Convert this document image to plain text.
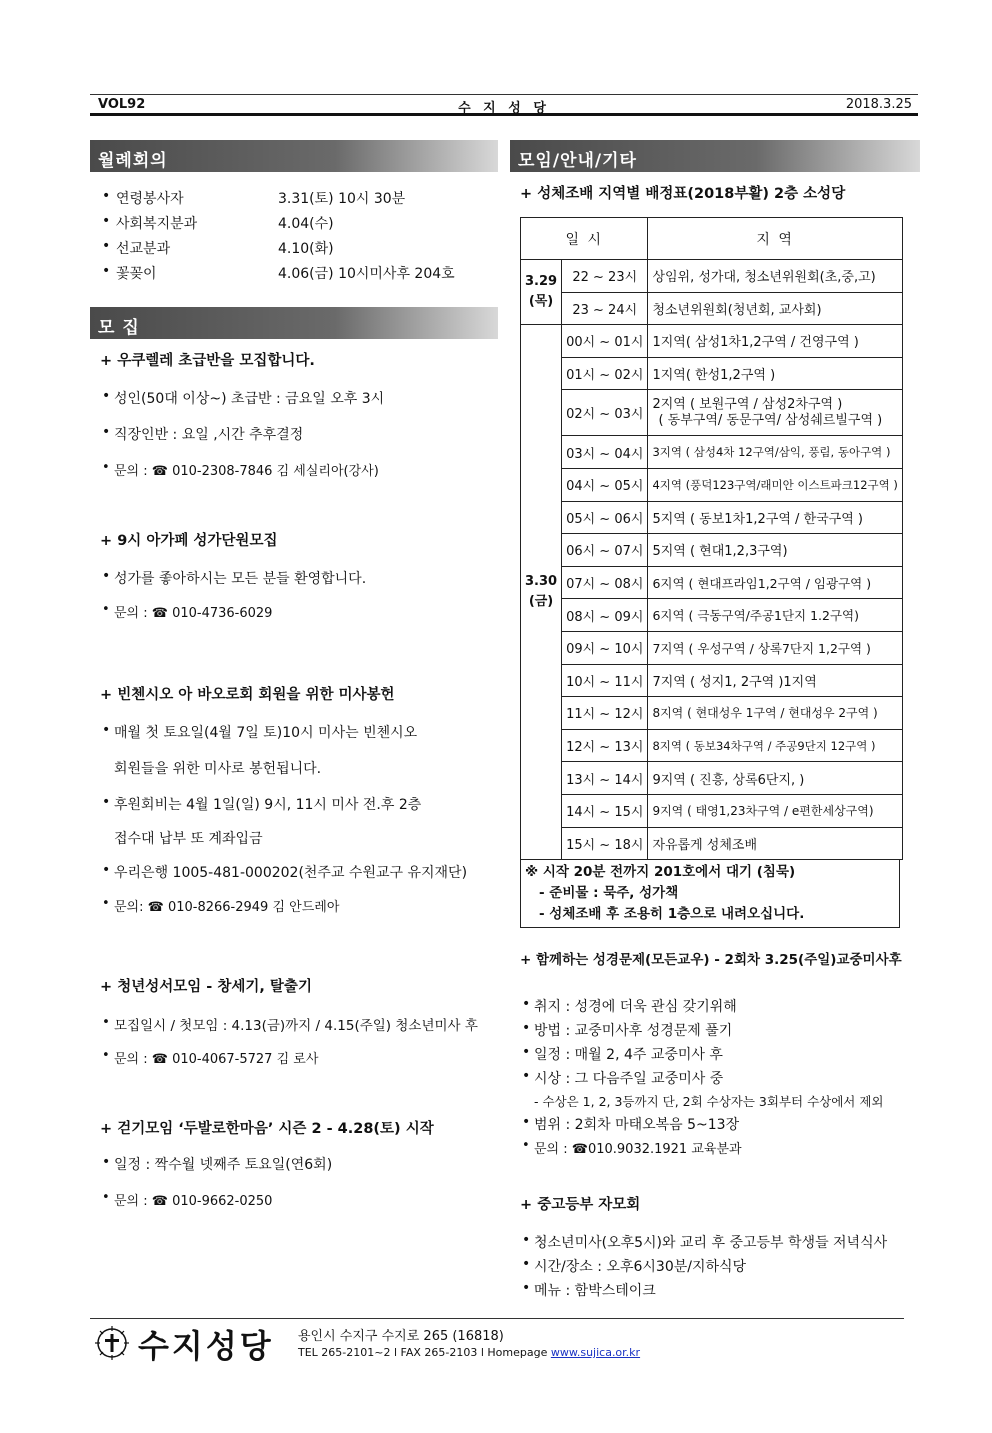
VOL92	수 지 성 당	2018.3.25
월례회의
• 연령봉사자	3.31(토) 10시 30분
• 사회복지분과	4.04(수)
• 선교분과	4.10(화)
• 꽃꽂이	4.06(금) 10시미사후 204호
모 집
+ 우쿠렐레 초급반을 모집합니다.
• 성인(50대 이상~) 초급반 : 금요일 오후 3시
• 직장인반 : 요일 ,시간 추후결정
• 문의 : ☎ 010-2308-7846 김 세실리아(강사)
+ 9시 아가페 성가단원모집
• 성가를 좋아하시는 모든 분들 환영합니다.
• 문의 : ☎ 010-4736-6029
+ 빈첸시오 아 바오로회 회원을 위한 미사봉헌
• 매월 첫 토요일(4월 7일 토)10시 미사는 빈첸시오
회원들을 위한 미사로 봉헌됩니다.
• 후원회비는 4월 1일(일) 9시, 11시 미사 전.후 2층
접수대 납부 또 계좌입금
• 우리은행 1005-481-000202(천주교 수원교구 유지재단)
• 문의: ☎ 010-8266-2949 김 안드레아
+ 청년성서모임 - 창세기, 탈출기
• 모집일시 / 첫모임 : 4.13(금)까지 / 4.15(주일) 청소년미사 후
• 문의 : ☎ 010-4067-5727 김 로사
+ 걷기모임 ‘두발로한마음’ 시즌 2 - 4.28(토) 시작
• 일정 : 짝수월 넷째주 토요일(연6회)
• 문의 : ☎ 010-9662-0250
모임/안내/기타
+ 성체조배 지역별 배정표(2018부활) 2층 소성당
일 시		지 역
3.29
(목)	22 ~ 23시	상임위, 성가대, 청소년위원회(초,중,고)
	23 ~ 24시	청소년위원회(청년회, 교사회)
3.30
(금)	00시 ~ 01시	1지역( 삼성1차1,2구역 / 건영구역 )
	01시 ~ 02시	1지역( 한성1,2구역 )
	02시 ~ 03시	2지역 ( 보원구역 / 삼성2차구역 )
( 동부구역/ 동문구역/ 삼성쉐르빌구역 )

	03시 ~ 04시	3지역 ( 삼성4차 12구역/삼익, 풍림, 동아구역 )
	04시 ~ 05시	4지역 (풍덕123구역/래미안 이스트파크12구역 )
	05시 ~ 06시	5지역 ( 동보1차1,2구역 / 한국구역 )
	06시 ~ 07시	5지역 ( 현대1,2,3구역)
	07시 ~ 08시	6지역 ( 현대프라임1,2구역 / 임광구역 )
	08시 ~ 09시	6지역 ( 극동구역/주공1단지 1.2구역)
	09시 ~ 10시	7지역 ( 우성구역 / 상록7단지 1,2구역 )
	10시 ~ 11시	7지역 ( 성지1, 2구역 )1지역
	11시 ~ 12시	8지역 ( 현대성우 1구역 / 현대성우 2구역 )
	12시 ~ 13시	8지역 ( 동보34차구역 / 주공9단지 12구역 )
	13시 ~ 14시	9지역 ( 진흥, 상록6단지, )
	14시 ~ 15시	9지역 ( 태영1,23차구역 / e편한세상구역)
	15시 ~ 18시	자유롭게 성체조배
※ 시작 20분 전까지 201호에서 대기 (침묵)
- 준비물 : 묵주, 성가책
- 성체조배 후 조용히 1층으로 내려오십니다.
+ 함께하는 성경문제(모든교우) - 2회차 3.25(주일)교중미사후
• 취지 : 성경에 더욱 관심 갖기위해
• 방법 : 교중미사후 성경문제 풀기
• 일정 : 매월 2, 4주 교중미사 후
• 시상 : 그 다음주일 교중미사 중
- 수상은 1, 2, 3등까지 단, 2회 수상자는 3회부터 수상에서 제외
• 범위 : 2회차 마태오복음 5~13장
• 문의 : ☎010.9032.1921 교육분과
+ 중고등부 자모회
• 청소년미사(오후5시)와 교리 후 중고등부 학생들 저녁식사
• 시간/장소 : 오후6시30분/지하식당
• 메뉴 : 함박스테이크
수지성당 용인시 수지구 수지로 265 (16818)
TEL 265-2101~2 l FAX 265-2103 l Homepage www.sujica.or.kr
